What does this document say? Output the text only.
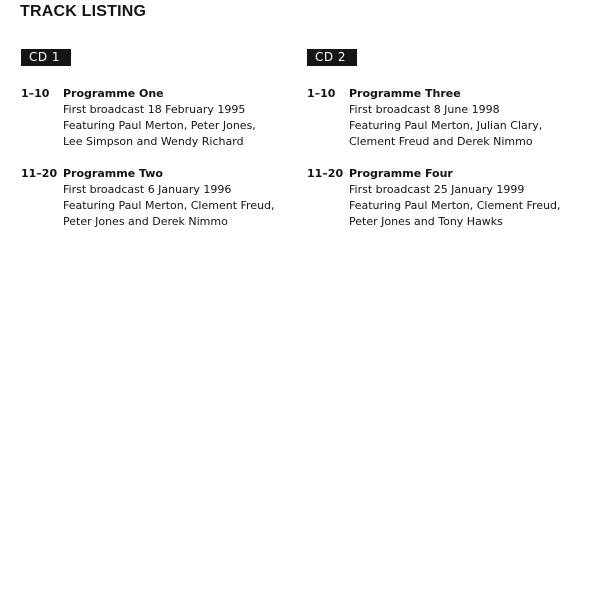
TRACK LISTING
CD 1
1–10	Programme One
First broadcast 18 February 1995
Featuring Paul Merton, Peter Jones,
Lee Simpson and Wendy Richard
11–20 Programme Two
First broadcast 6 January 1996
Featuring Paul Merton, Clement Freud,
Peter Jones and Derek Nimmo
CD 2
1–10	Programme Three
First broadcast 8 June 1998
Featuring Paul Merton, Julian Clary,
Clement Freud and Derek Nimmo
11–20 Programme Four
First broadcast 25 January 1999
Featuring Paul Merton, Clement Freud,
Peter Jones and Tony Hawks
